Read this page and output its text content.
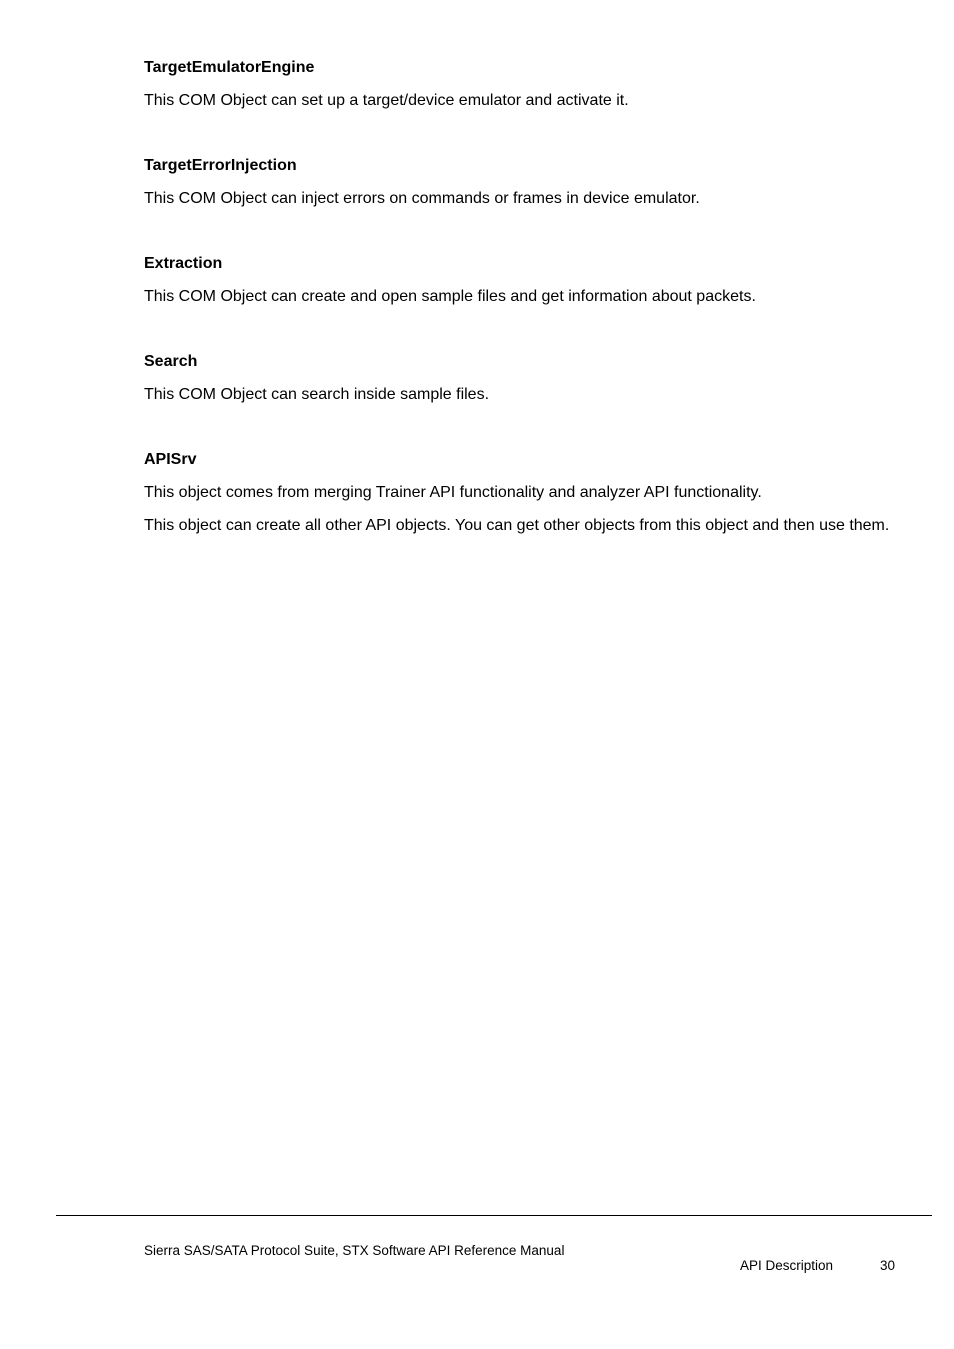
TargetEmulatorEngine

This COM Object can set up a target/device emulator and activate it.

TargetErrorInjection

This COM Object can inject errors on commands or frames in device emulator.

Extraction

This COM Object can create and open sample files and get information about packets.

Search

This COM Object can search inside sample files.

APISrv

This object comes from merging Trainer API functionality and analyzer API functionality.

This object can create all other API objects. You can get other objects from this object and then use them.

Sierra SAS/SATA Protocol Suite, STX Software API Reference Manual
API Description	30
